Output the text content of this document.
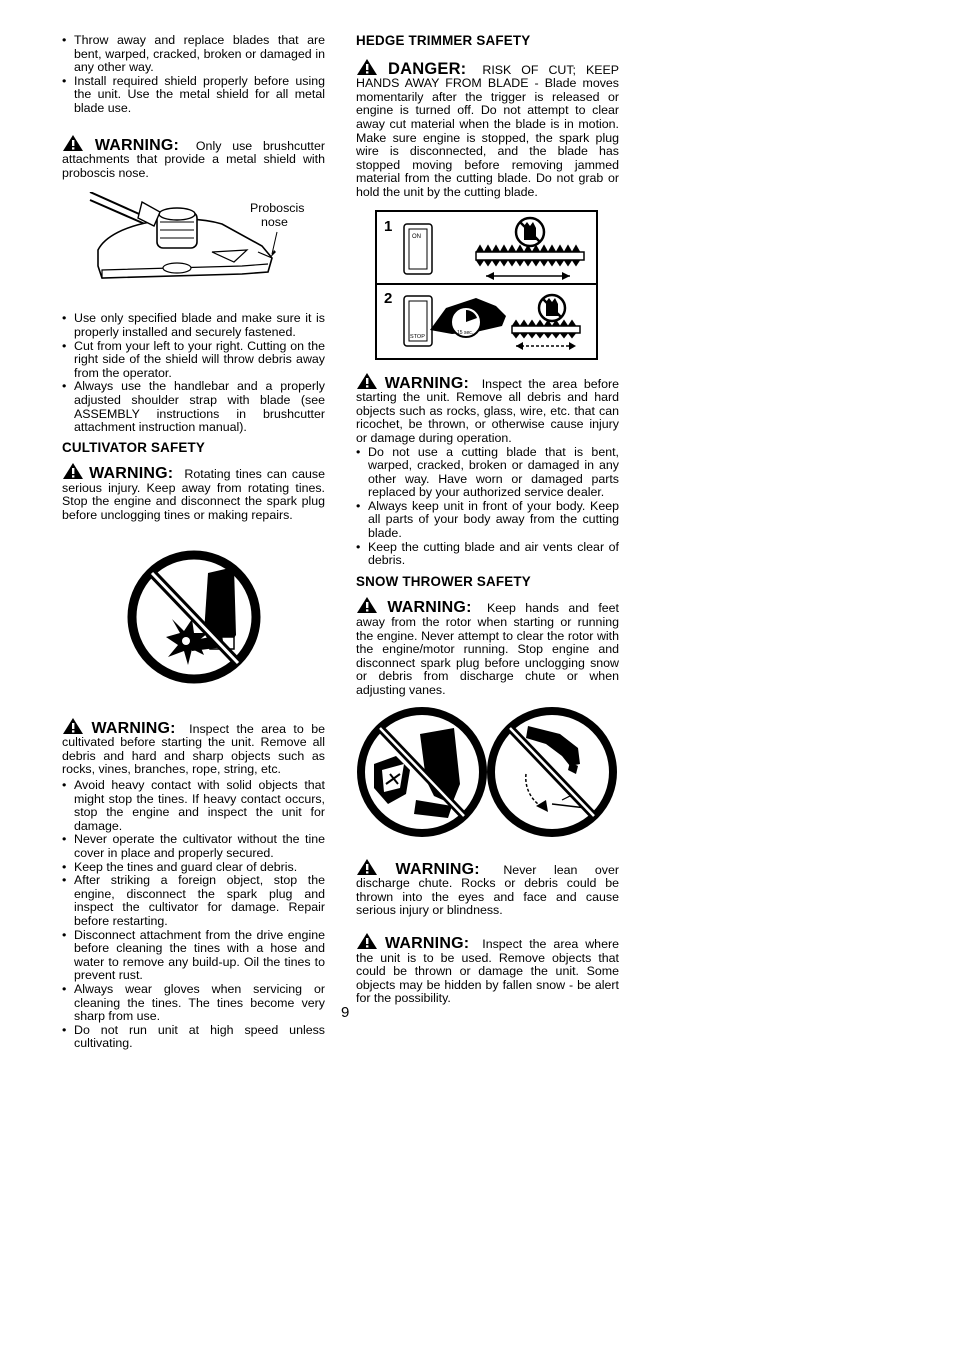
• Throw away and replace blades that are bent, warped, cracked, broken or damaged in any other way.
• Install required shield properly before using the unit. Use the metal shield for all metal blade use.

WARNING: Only use brushcutter attachments that provide a metal shield with proboscis nose.

Proboscis
nose
• Use only specified blade and make sure it is properly installed and securely fastened.
• Cut from your left to your right. Cutting on the right side of the shield will throw debris away from the operator.
• Always use the handlebar and a properly adjusted shoulder strap with blade (see ASSEMBLY instructions in brushcutter attachment instruction manual).
CULTIVATOR SAFETY

WARNING: Rotating tines can cause serious injury. Keep away from rotating tines. Stop the engine and disconnect the spark plug before unclogging tines or making repairs.

WARNING: Inspect the area to be cultivated before starting the unit. Remove all debris and hard and sharp objects such as rocks, vines, branches, rope, string, etc.

• Avoid heavy contact with solid objects that might stop the tines. If heavy contact occurs, stop the engine and inspect the unit for damage.
• Never operate the cultivator without the tine cover in place and properly secured.
• Keep the tines and guard clear of debris.
• After striking a foreign object, stop the engine, disconnect the spark plug and inspect the cultivator for damage. Repair before restarting.
• Disconnect attachment from the drive engine before cleaning the tines with a hose and water to remove any build-up. Oil the tines to prevent rust.
• Always wear gloves when servicing or cleaning the tines. The tines become very sharp from use.
• Do not run unit at high speed unless cultivating.
HEDGE TRIMMER SAFETY

DANGER: RISK OF CUT; KEEP HANDS AWAY FROM BLADE - Blade moves momentarily after the trigger is released or engine is turned off. Do not attempt to clear away cut material when the blade is in motion. Make sure engine is stopped, the spark plug wire is disconnected, and the blade has stopped moving before removing jammed material from the cutting blade. Do not grab or hold the unit by the cutting blade.

1
ON
2
STOP
15 sec.

WARNING: Inspect the area before starting the unit. Remove all debris and hard objects such as rocks, glass, wire, etc. that can ricochet, be thrown, or otherwise cause injury or damage during operation.

• Do not use a cutting blade that is bent, warped, cracked, broken or damaged in any other way. Have worn or damaged parts replaced by your authorized service dealer.
• Always keep unit in front of your body. Keep all parts of your body away from the cutting blade.
• Keep the cutting blade and air vents clear of debris.
SNOW THROWER SAFETY

WARNING: Keep hands and feet away from the rotor when starting or running the engine. Never attempt to clear the rotor with the engine/motor running. Stop engine and disconnect spark plug before unclogging snow or debris from discharge chute or when adjusting vanes.

WARNING: Never lean over discharge chute. Rocks or debris could be thrown into the eyes and face and cause serious injury or blindness.

WARNING: Inspect the area where the unit is to be used. Remove objects that could be thrown or damage the unit. Some objects may be hidden by fallen snow - be alert for the possibility.

9
